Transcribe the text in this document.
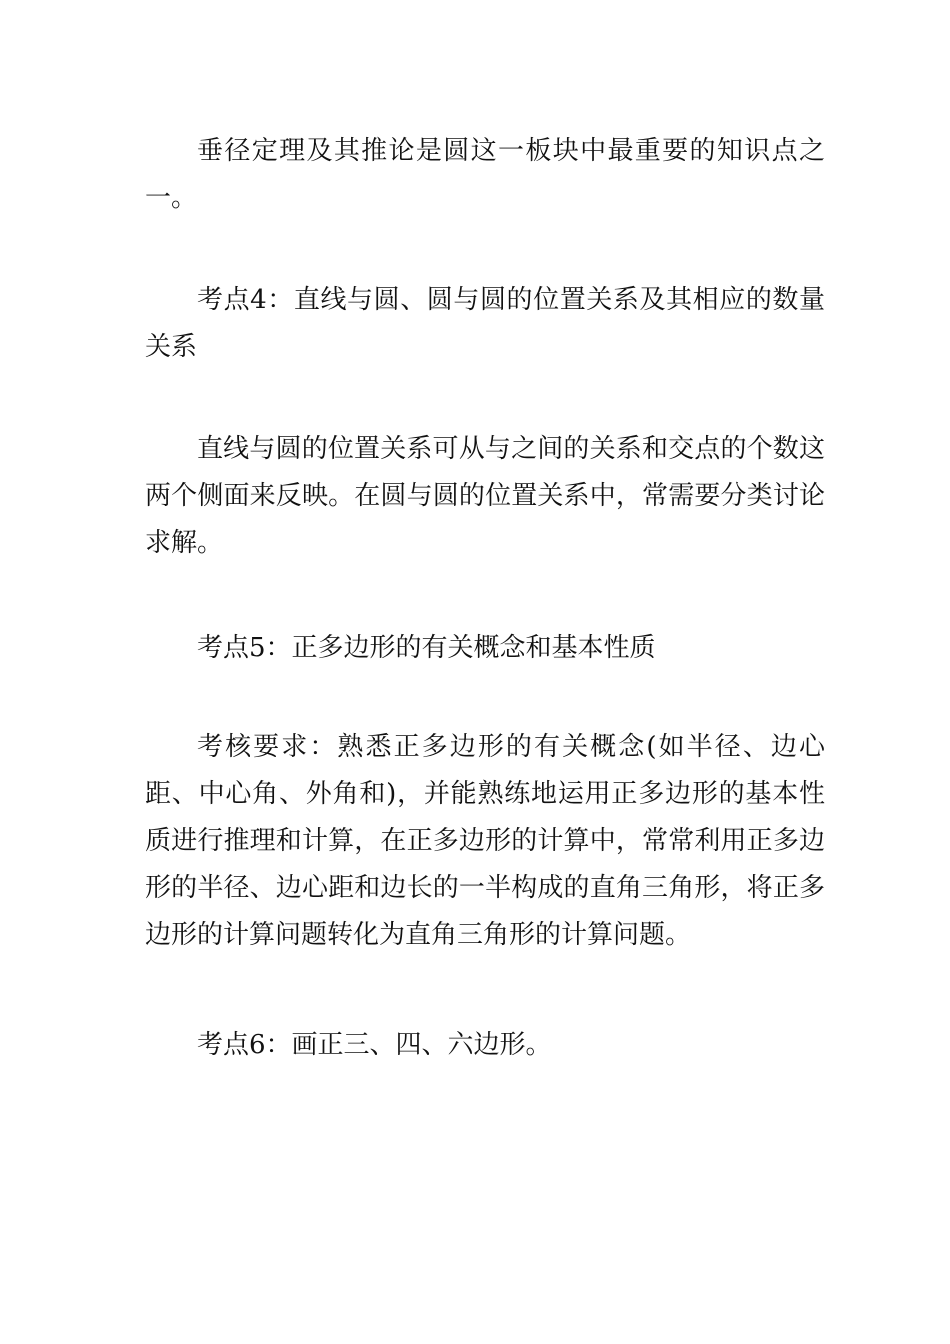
垂径定理及其推论是圆这一板块中最重要的知识点之一。

考点4：直线与圆、圆与圆的位置关系及其相应的数量关系

直线与圆的位置关系可从与之间的关系和交点的个数这两个侧面来反映。在圆与圆的位置关系中，常需要分类讨论求解。

考点5：正多边形的有关概念和基本性质

考核要求：熟悉正多边形的有关概念(如半径、边心距、中心角、外角和)，并能熟练地运用正多边形的基本性质进行推理和计算，在正多边形的计算中，常常利用正多边形的半径、边心距和边长的一半构成的直角三角形，将正多边形的计算问题转化为直角三角形的计算问题。

考点6：画正三、四、六边形。
